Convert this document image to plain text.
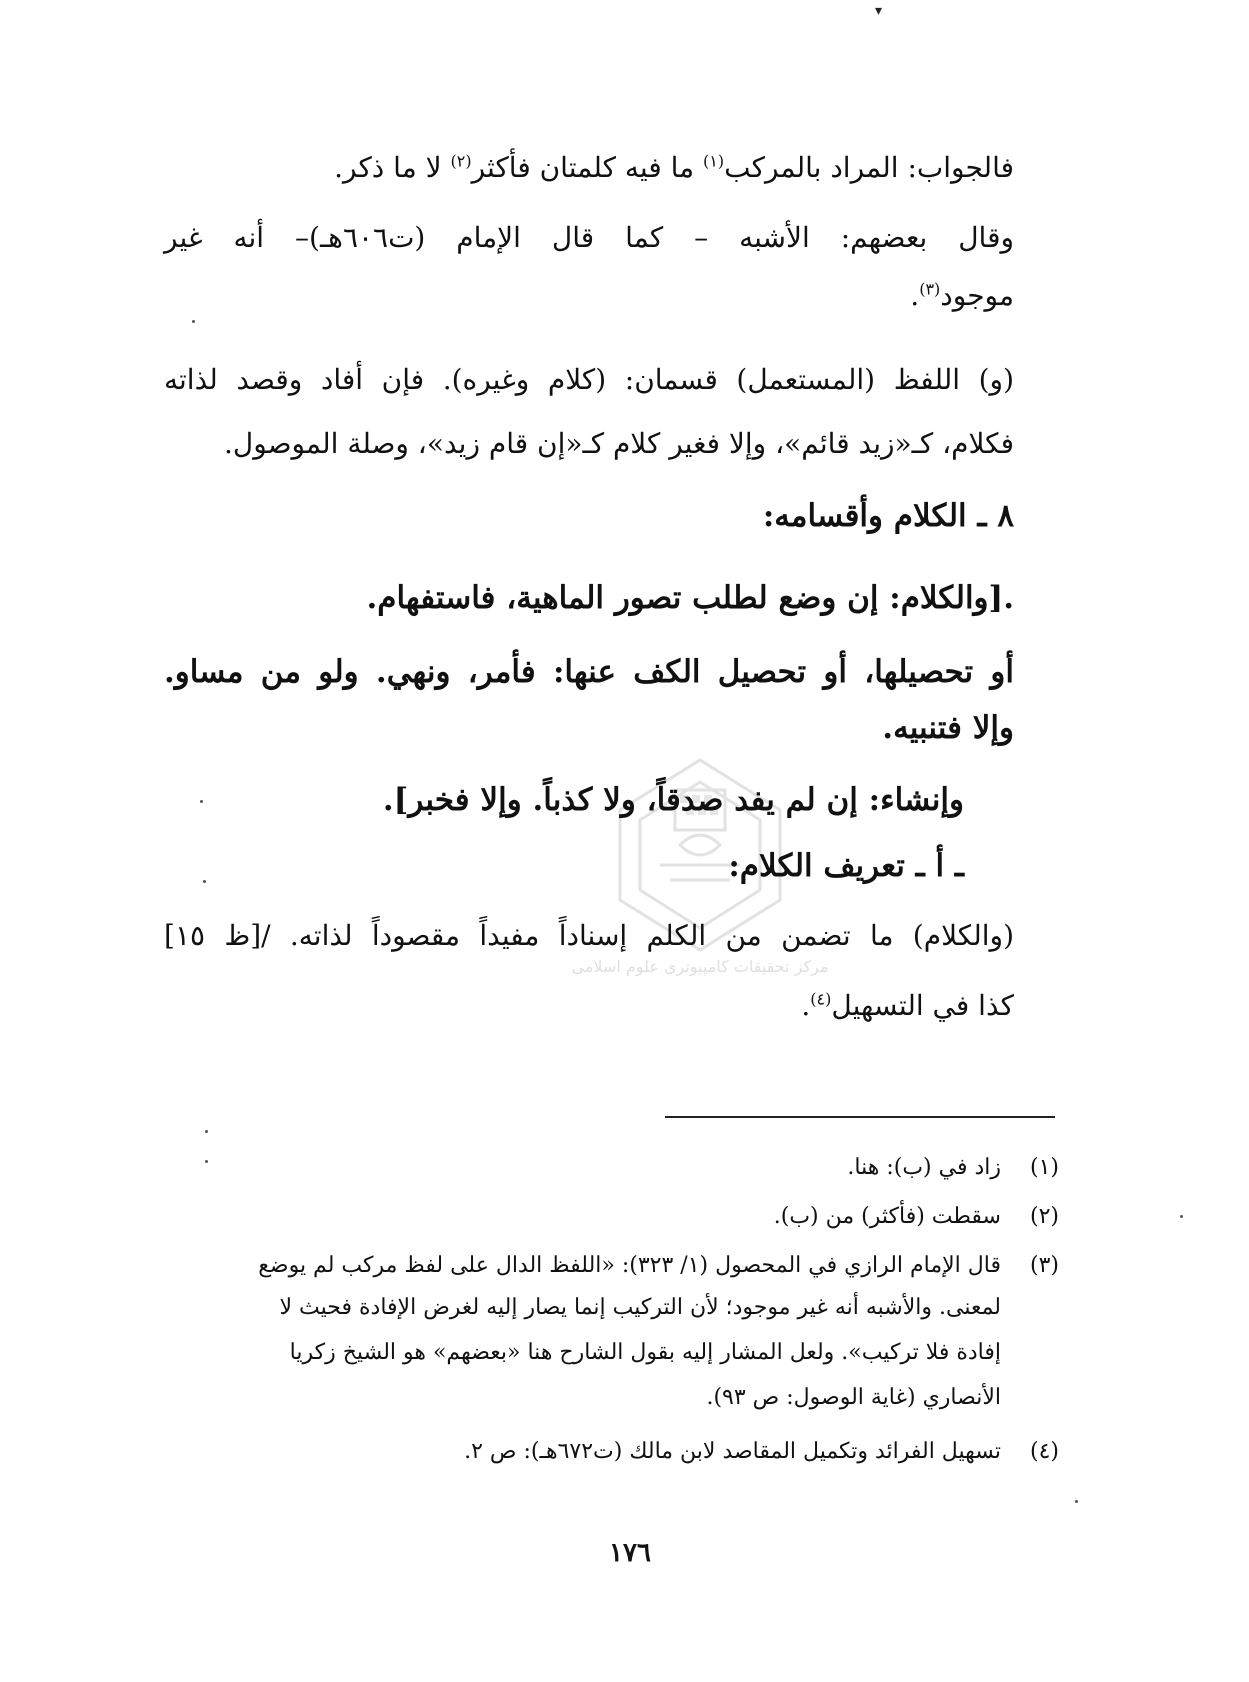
▾
مركز تحقیقات کامپیوتری علوم اسلامی
فالجواب: المراد بالمركب$^{(١)}$ ما فيه كلمتان فأكثر$^{(٢)}$ لا ما ذكر.
وقال بعضهم: الأشبه – كما قال الإمام (ت٦٠٦هـ)– أنه غير
موجود$^{(٣)}$.
(و) اللفظ (المستعمل) قسمان: (كلام وغيره). فإن أفاد وقصد لذاته
فكلام، كـ«زيد قائم»، وإلا فغير كلام كـ«إن قام زيد»، وصلة الموصول.
٨ ـ الكلام وأقسامه:
.[والكلام: إن وضع لطلب تصور الماهية، فاستفهام.
أو تحصيلها، أو تحصيل الكف عنها: فأمر، ونهي. ولو من مساو.
وإلا فتنبيه.
وإنشاء: إن لم يفد صدقاً، ولا كذباً. وإلا فخبر].
ـ أ ـ تعريف الكلام:
(والكلام) ما تضمن من الكلم إسناداً مفيداً مقصوداً لذاته. /[ظ ١٥]
كذا في التسهيل$^{(٤)}$.
(١)زاد في (ب): هنا.
(٢)سقطت (فأكثر) من (ب).
(٣)قال الإمام الرازي في المحصول (١/ ٣٢٣): «اللفظ الدال على لفظ مركب لم يوضع
لمعنى. والأشبه أنه غير موجود؛ لأن التركيب إنما يصار إليه لغرض الإفادة فحيث لا
إفادة فلا تركيب». ولعل المشار إليه بقول الشارح هنا «بعضهم» هو الشيخ زكريا
الأنصاري (غاية الوصول: ص ٩٣).
(٤)تسهيل الفرائد وتكميل المقاصد لابن مالك (ت٦٧٢هـ): ص ٢.
١٧٦
